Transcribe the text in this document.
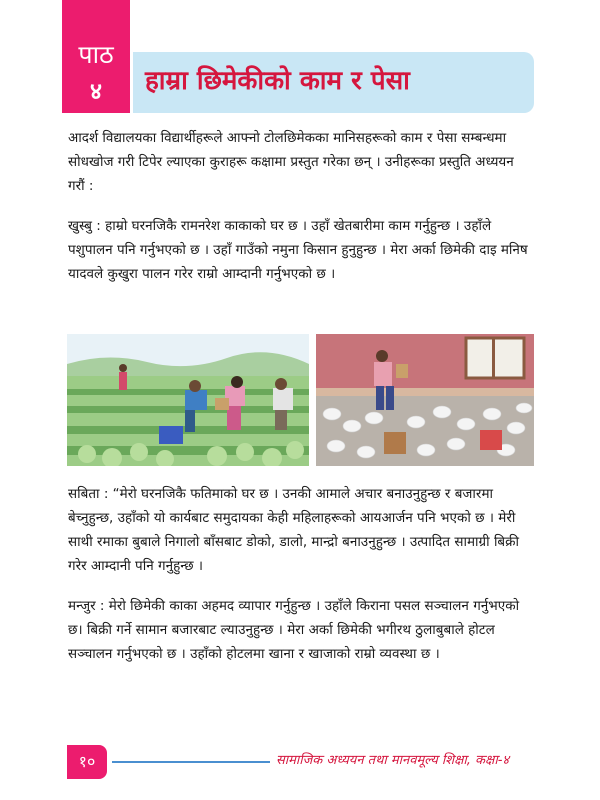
पाठ
४	हाम्रा छिमेकीको काम र पेसा

आदर्श विद्यालयका विद्यार्थीहरूले आफ्नो टोलछिमेकका मानिसहरूको काम र पेसा सम्बन्धमा सोधखोज गरी टिपेर ल्याएका कुराहरू कक्षामा प्रस्तुत गरेका छन् । उनीहरूका प्रस्तुति अध्ययन गरौं :

खुस्बु : हाम्रो घरनजिकै रामनरेश काकाको घर छ । उहाँ खेतबारीमा काम गर्नुहुन्छ । उहाँले पशुपालन पनि गर्नुभएको छ । उहाँ गाउँको नमुना किसान हुनुहुन्छ । मेरा अर्का छिमेकी दाइ मनिष यादवले कुखुरा पालन गरेर राम्रो आम्दानी गर्नुभएको छ ।

सबिता : “मेरो घरनजिकै फतिमाको घर छ । उनकी आमाले अचार बनाउनुहुन्छ र बजारमा बेच्नुहुन्छ, उहाँको यो कार्यबाट समुदायका केही महिलाहरूको आयआर्जन पनि भएको छ । मेरी साथी रमाका बुबाले निगालो बाँसबाट डोको, डालो, मान्द्रो बनाउनुहुन्छ । उत्पादित सामाग्री बिक्री गरेर आम्दानी पनि गर्नुहुन्छ ।

मन्जुर : मेरो छिमेकी काका अहमद व्यापार गर्नुहुन्छ । उहाँले किराना पसल सञ्चालन गर्नुभएको छ। बिक्री गर्ने सामान बजारबाट ल्याउनुहुन्छ । मेरा अर्का छिमेकी भगीरथ ठुलाबुबाले होटल सञ्चालन गर्नुभएको छ । उहाँको होटलमा खाना र खाजाको राम्रो व्यवस्था छ ।

१०	सामाजिक अध्ययन तथा मानवमूल्य शिक्षा, कक्षा-४
